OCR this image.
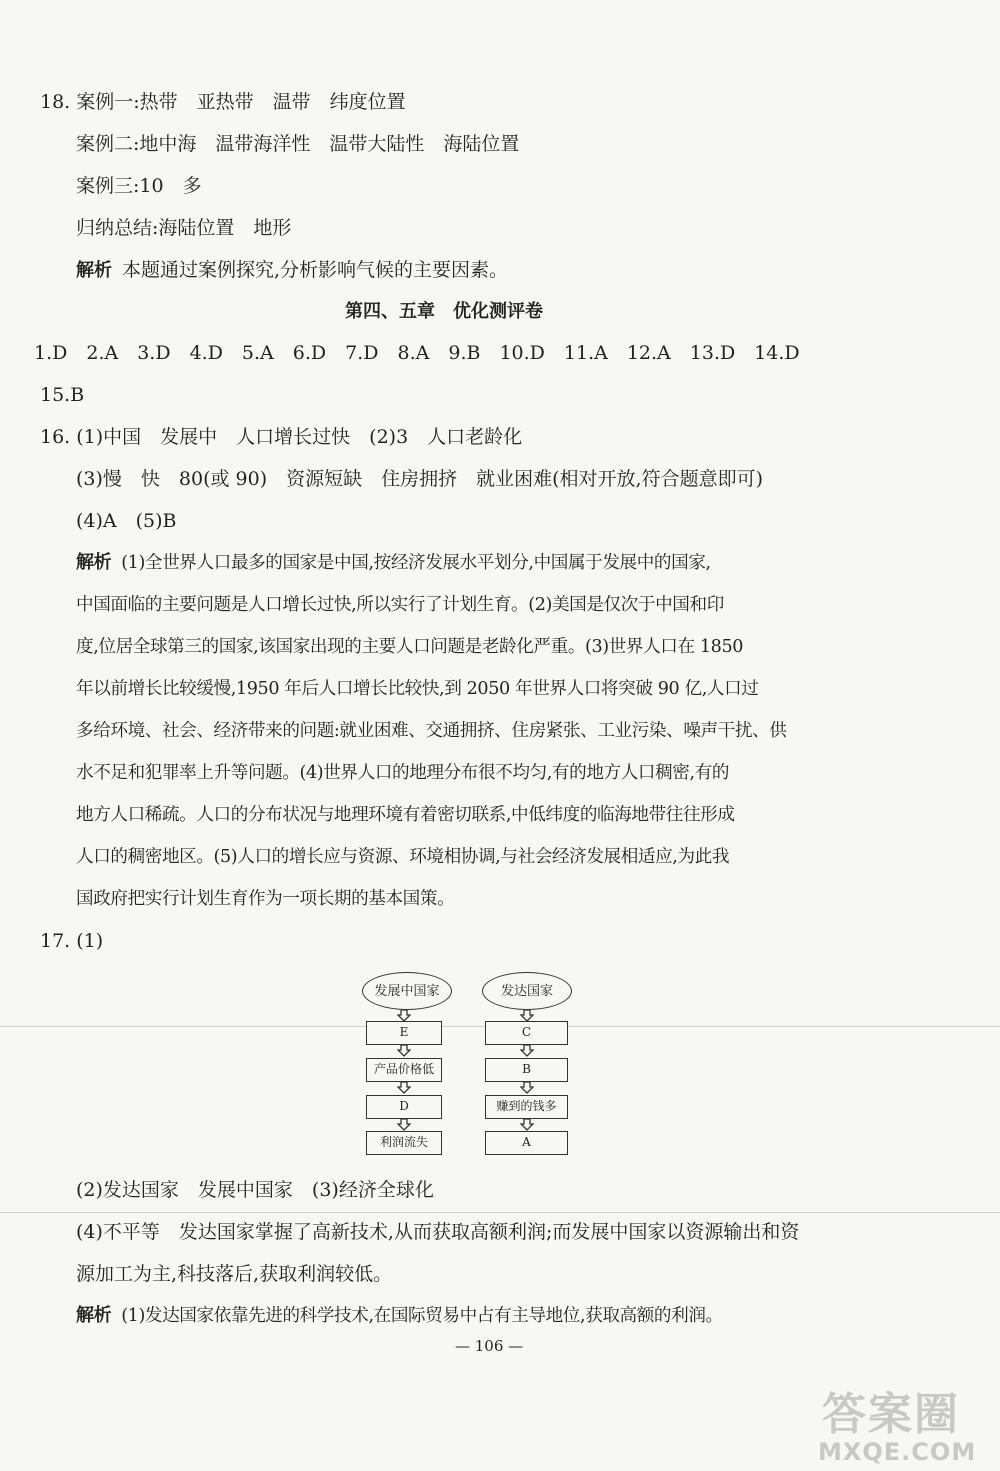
18. 案例一:热带　亚热带　温带　纬度位置
案例二:地中海　温带海洋性　温带大陆性　海陆位置
案例三:10　多
归纳总结:海陆位置　地形
解析 本题通过案例探究,分析影响气候的主要因素。
第四、五章　优化测评卷
1.D　2.A　3.D　4.D　5.A　6.D　7.D　8.A　9.B　10.D　11.A　12.A　13.D　14.D
15.B
16. (1)中国　发展中　人口增长过快　(2)3　人口老龄化
(3)慢　快　80(或 90)　资源短缺　住房拥挤　就业困难(相对开放,符合题意即可)
(4)A　(5)B
解析 (1)全世界人口最多的国家是中国,按经济发展水平划分,中国属于发展中的国家,
中国面临的主要问题是人口增长过快,所以实行了计划生育。(2)美国是仅次于中国和印
度,位居全球第三的国家,该国家出现的主要人口问题是老龄化严重。(3)世界人口在 1850
年以前增长比较缓慢,1950 年后人口增长比较快,到 2050 年世界人口将突破 90 亿,人口过
多给环境、社会、经济带来的问题:就业困难、交通拥挤、住房紧张、工业污染、噪声干扰、供
水不足和犯罪率上升等问题。(4)世界人口的地理分布很不均匀,有的地方人口稠密,有的
地方人口稀疏。人口的分布状况与地理环境有着密切联系,中低纬度的临海地带往往形成
人口的稠密地区。(5)人口的增长应与资源、环境相协调,与社会经济发展相适应,为此我
国政府把实行计划生育作为一项长期的基本国策。
17. (1)
发展中国家
E
产品价格低
D
利润流失
发达国家
C
B
赚到的钱多
A
(2)发达国家　发展中国家　(3)经济全球化
(4)不平等　发达国家掌握了高新技术,从而获取高额利润;而发展中国家以资源输出和资
源加工为主,科技落后,获取利润较低。
解析 (1)发达国家依靠先进的科学技术,在国际贸易中占有主导地位,获取高额的利润。
— 106 —
答案圈
MXQE.COM
